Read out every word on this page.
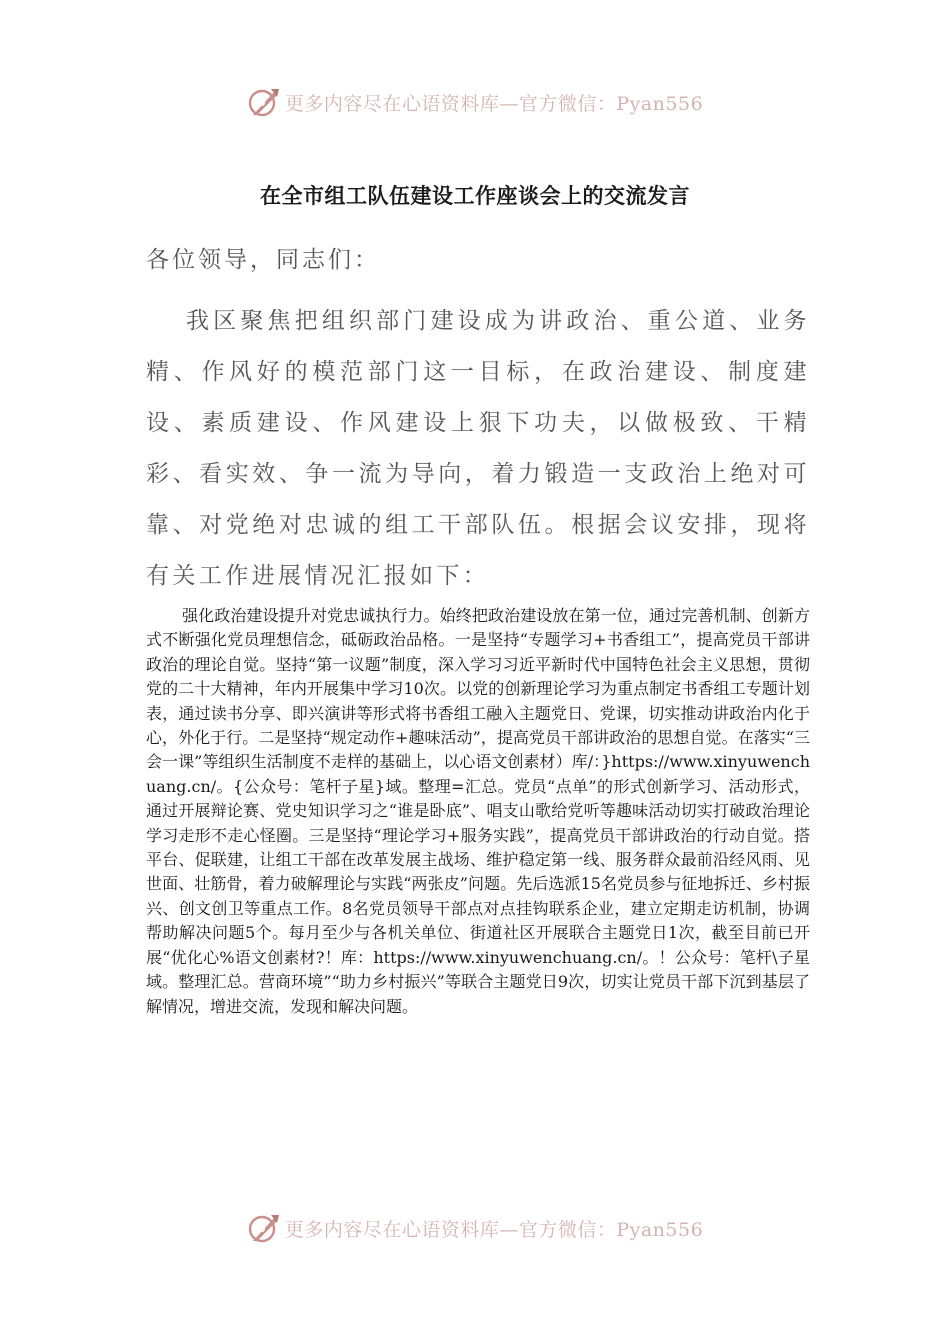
更多内容尽在心语资料库—官方微信：Pyan556
在全市组工队伍建设工作座谈会上的交流发言

各位领导，同志们：

我区聚焦把组织部门建设成为讲政治、重公道、业务精、作风好的模范部门这一目标，在政治建设、制度建设、素质建设、作风建设上狠下功夫，以做极致、干精彩、看实效、争一流为导向，着力锻造一支政治上绝对可靠、对党绝对忠诚的组工干部队伍。根据会议安排，现将有关工作进展情况汇报如下：

强化政治建设提升对党忠诚执行力。始终把政治建设放在第一位，通过完善机制、创新方式不断强化党员理想信念，砥砺政治品格。一是坚持“专题学习+书香组工”，提高党员干部讲政治的理论自觉。坚持“第一议题”制度，深入学习习近平新时代中国特色社会主义思想，贯彻党的二十大精神，年内开展集中学习10次。以党的创新理论学习为重点制定书香组工专题计划表，通过读书分享、即兴演讲等形式将书香组工融入主题党日、党课，切实推动讲政治内化于心，外化于行。二是坚持“规定动作+趣味活动”，提高党员干部讲政治的思想自觉。在落实“三会一课”等组织生活制度不走样的基础上，以心语文创素材）库/：}https://www.xinyuwenchuang.cn/。{公众号：笔杆子星}域。整理=汇总。党员“点单”的形式创新学习、活动形式，通过开展辩论赛、党史知识学习之“谁是卧底”、唱支山歌给党听等趣味活动切实打破政治理论学习走形不走心怪圈。三是坚持“理论学习+服务实践”，提高党员干部讲政治的行动自觉。搭平台、促联建，让组工干部在改革发展主战场、维护稳定第一线、服务群众最前沿经风雨、见世面、壮筋骨，着力破解理论与实践“两张皮”问题。先后选派15名党员参与征地拆迁、乡村振兴、创文创卫等重点工作。8名党员领导干部点对点挂钩联系企业，建立定期走访机制，协调帮助解决问题5个。每月至少与各机关单位、街道社区开展联合主题党日1次，截至目前已开展“优化心%语文创素材?！库：https://www.xinyuwenchuang.cn/。！公众号：笔杆\子星域。整理汇总。营商环境”“助力乡村振兴”等联合主题党日9次，切实让党员干部下沉到基层了解情况，增进交流，发现和解决问题。

更多内容尽在心语资料库—官方微信：Pyan556
